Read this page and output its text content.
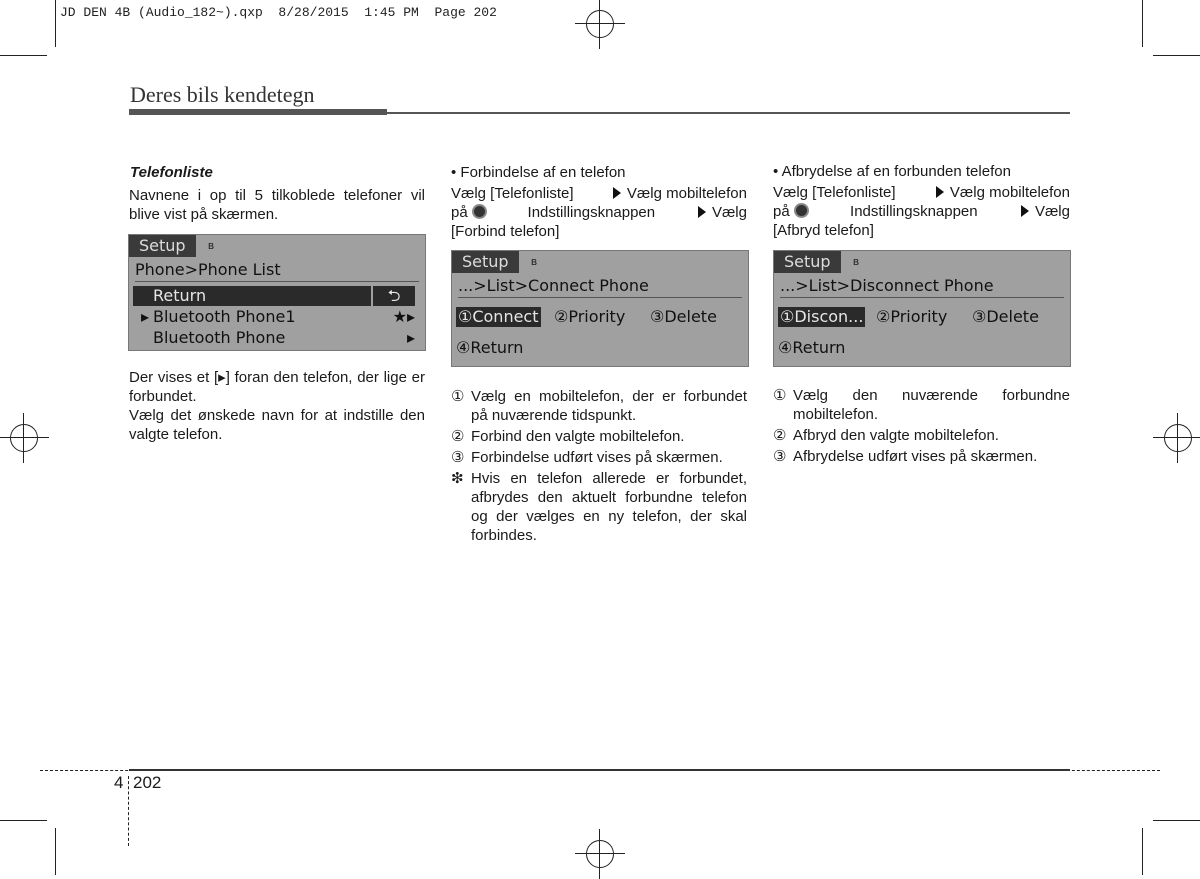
JD DEN 4B (Audio_182~).qxp  8/28/2015  1:45 PM  Page 202
Deres bils kendetegn
Telefonliste
Navnene i op til 5 tilkoblede telefoner vil blive vist på skærmen.
Setup	ʙ
Phone>Phone List
Return	⮌
▸ Bluetooth Phone1	★▸
Bluetooth Phone	▸
Der vises et [▸] foran den telefon, der lige er forbundet.
Vælg det ønskede navn for at indstille den valgte telefon.
• Forbindelse af en telefon
Vælg [Telefonliste]	Vælg mobiltelefon
på	Indstillingsknappen	Vælg
[Forbind telefon]
Setup	ʙ
...>List>Connect Phone
①Connect ②Priority ③Delete
④Return
① Vælg en mobiltelefon, der er forbundet på nuværende tidspunkt.
② Forbind den valgte mobiltelefon.
③ Forbindelse udført vises på skærmen.
❇ Hvis en telefon allerede er forbundet, afbrydes den aktuelt forbundne telefon og der vælges en ny telefon, der skal forbindes.
• Afbrydelse af en forbunden telefon
Vælg [Telefonliste]	Vælg mobiltelefon
på	Indstillingsknappen	Vælg
[Afbryd telefon]
Setup	ʙ
...>List>Disconnect Phone
①Discon... ②Priority ③Delete
④Return
① Vælg den nuværende forbundne mobiltelefon.
② Afbryd den valgte mobiltelefon.
③ Afbrydelse udført vises på skærmen.
4 202
